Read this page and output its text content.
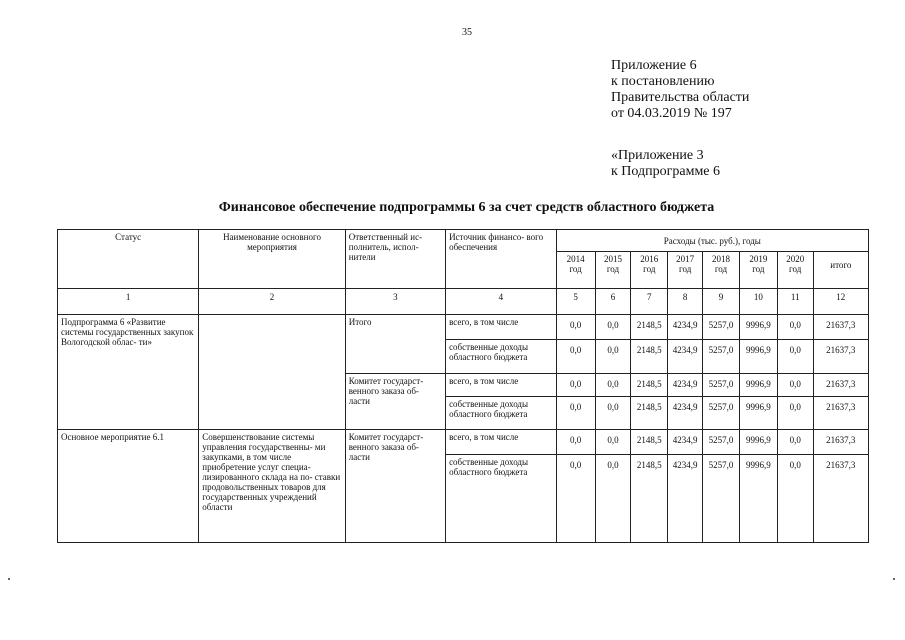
35
Приложение 6
к постановлению
Правительства области
от 04.03.2019 № 197
«Приложение 3
к Подпрограмме 6
Финансовое обеспечение подпрограммы 6 за счет средств областного бюджета
Статус	Наименование основного мероприятия	Ответственный ис- полнитель, испол- нители	Источник финансо- вого обеспечения	Расходы (тыс. руб.), годы							
				2014 год	2015 год	2016 год	2017 год	2018 год	2019 год	2020 год	итого
1	2	3	4	5	6	7	8	9	10	11	12
Подпрограмма 6 «Развитие системы государственных закупок Вологодской облас- ти»		Итого	всего, в том числе	0,0	0,0	2148,5	4234,9	5257,0	9996,9	0,0	21637,3
			собственные доходы областного бюджета	0,0	0,0	2148,5	4234,9	5257,0	9996,9	0,0	21637,3
		Комитет государст- венного заказа об- ласти	всего, в том числе	0,0	0,0	2148,5	4234,9	5257,0	9996,9	0,0	21637,3
			собственные доходы областного бюджета	0,0	0,0	2148,5	4234,9	5257,0	9996,9	0,0	21637,3
Основное мероприятие 6.1	Совершенствование системы управления государственны- ми закупками, в том числе приобретение услуг специа- лизированного склада на по- ставки продовольственных товаров для государственных учреждений области	Комитет государст- венного заказа об- ласти	всего, в том числе	0,0	0,0	2148,5	4234,9	5257,0	9996,9	0,0	21637,3
			собственные доходы областного бюджета	0,0	0,0	2148,5	4234,9	5257,0	9996,9	0,0	21637,3
